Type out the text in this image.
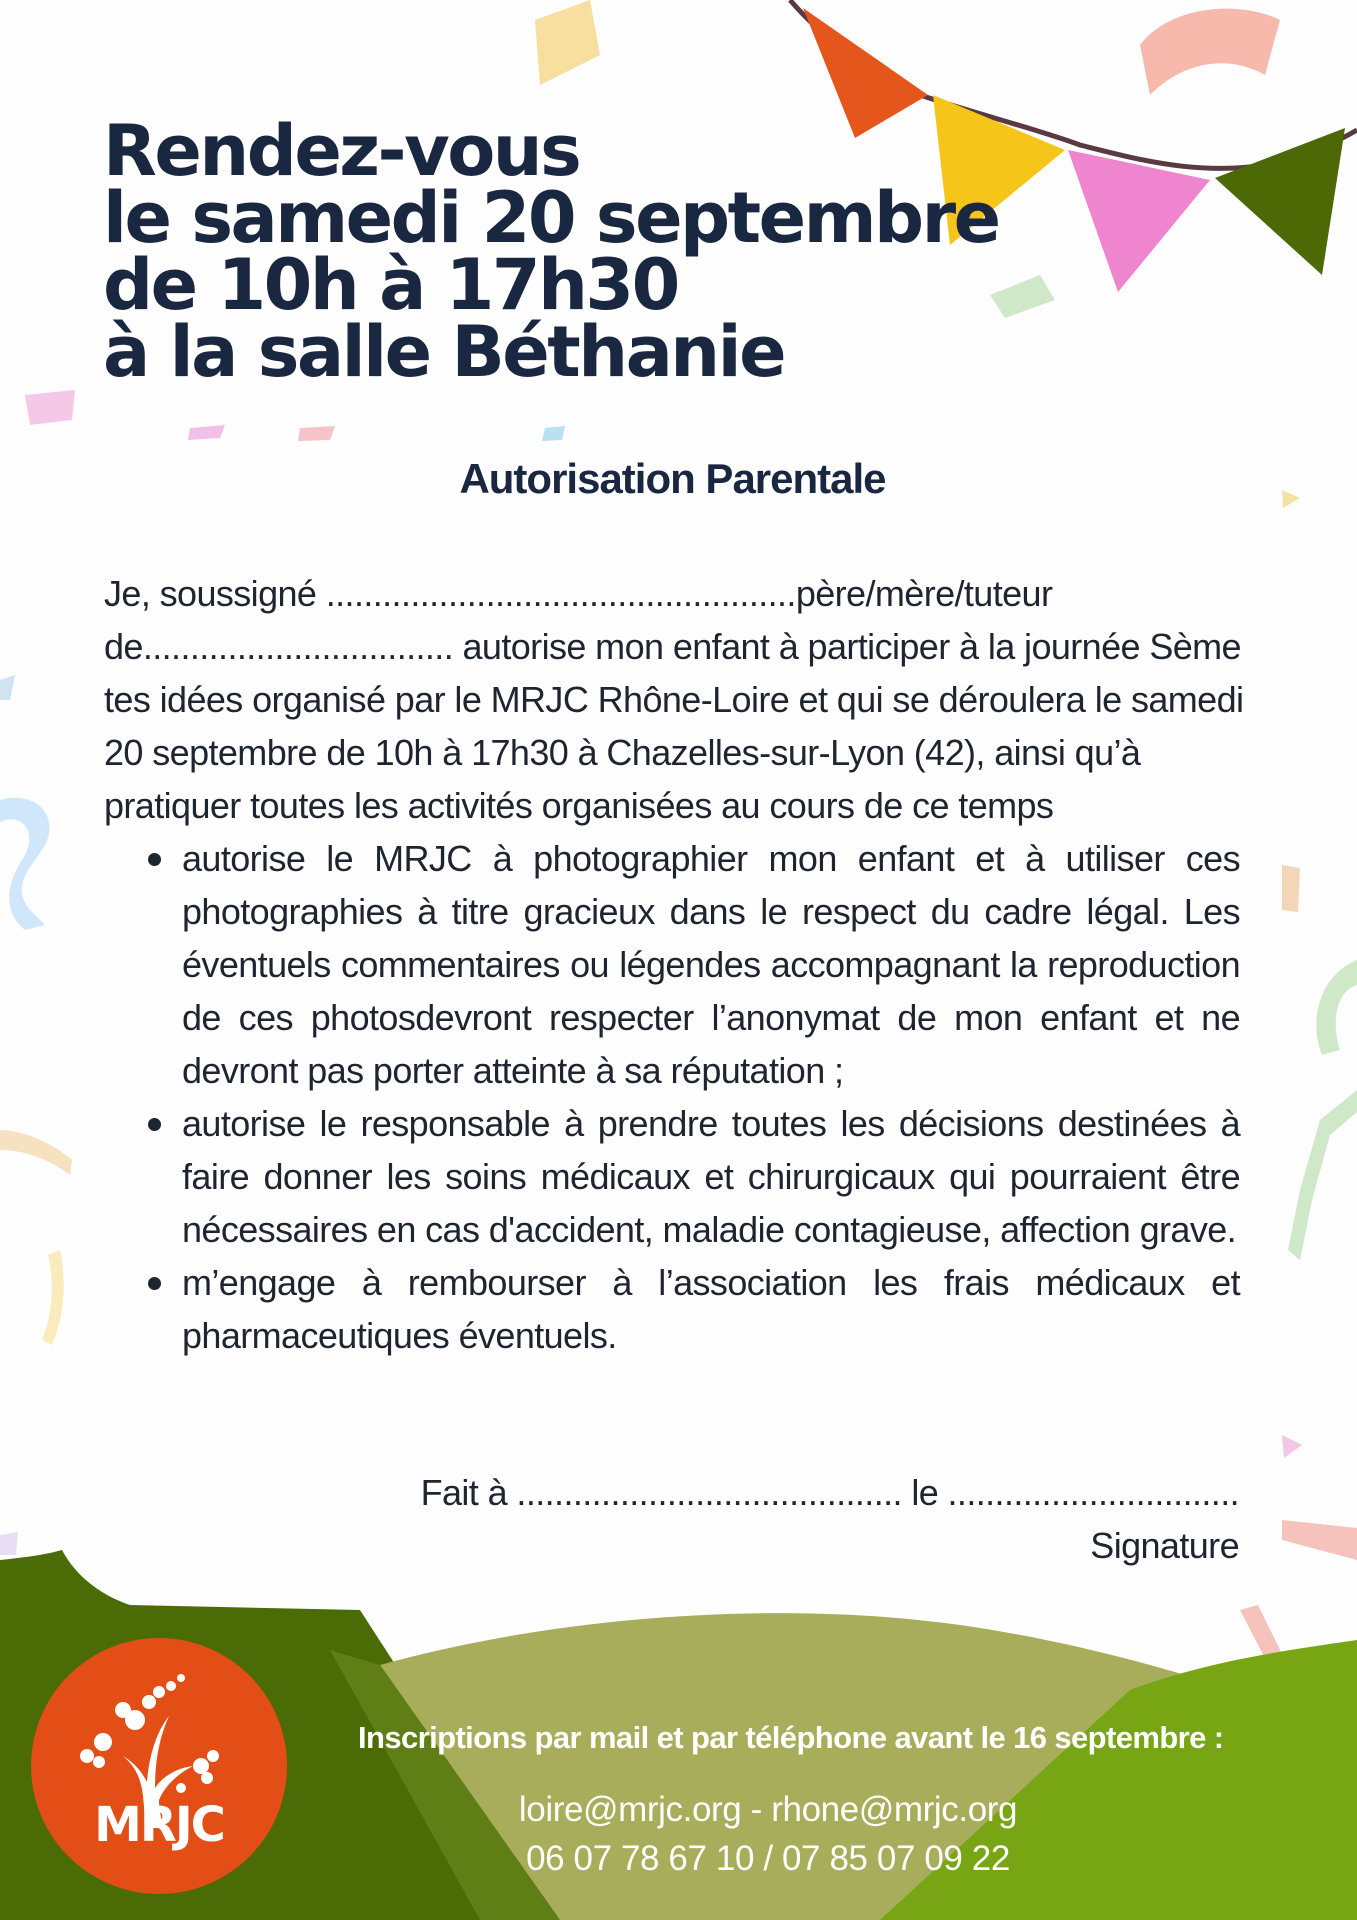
Rendez-vous
le samedi 20 septembre
de 10h à 17h30
à la salle Béthanie
Autorisation Parentale

Je, soussigné ..................................................père/mère/tuteur

de................................. autorise mon enfant à participer à la journée Sème

tes idées organisé par le MRJC Rhône-Loire et qui se déroulera le samedi

20 septembre de 10h à 17h30 à Chazelles-sur-Lyon (42), ainsi qu’à

pratiquer toutes les activités organisées au cours de ce temps

autorise le MRJC à photographier mon enfant et à utiliser ces photographies à titre gracieux dans le respect du cadre légal. Les éventuels commentaires ou légendes accompagnant la reproduction de ces photosdevront respecter l’anonymat de mon enfant et ne devront pas porter atteinte à sa réputation ;
autorise le responsable à prendre toutes les décisions destinées à faire donner les soins médicaux et chirurgicaux qui pourraient être nécessaires en cas d'accident, maladie contagieuse, affection grave.
m’engage à rembourser à l’association les frais médicaux et pharmaceutiques éventuels.
Fait à ......................................... le ...............................
Signature
MRJC

Inscriptions par mail et par téléphone avant le 16 septembre :

loire@mrjc.org - rhone@mrjc.org
06 07 78 67 10 / 07 85 07 09 22
